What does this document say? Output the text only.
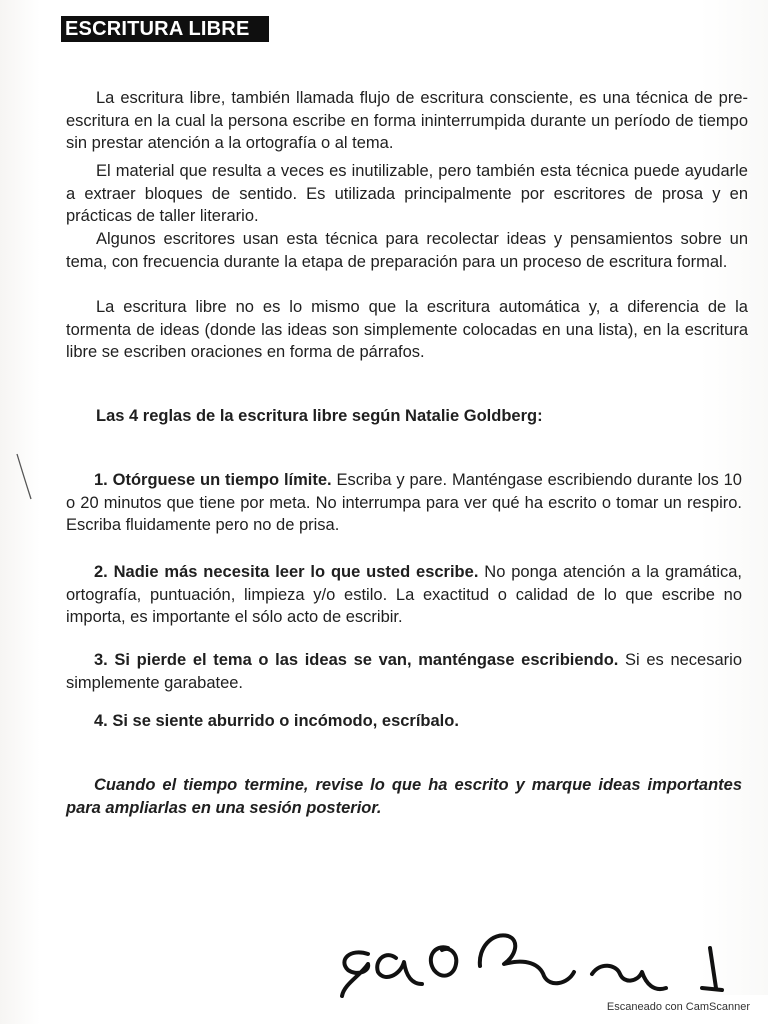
ESCRITURA LIBRE
La escritura libre, también llamada flujo de escritura consciente, es una técnica de pre-escritura en la cual la persona escribe en forma ininterrumpida durante un período de tiempo sin prestar atención a la ortografía o al tema.
El material que resulta a veces es inutilizable, pero también esta técnica puede ayudarle a extraer bloques de sentido. Es utilizada principalmente por escritores de prosa y en prácticas de taller literario.
Algunos escritores usan esta técnica para recolectar ideas y pensamientos sobre un tema, con frecuencia durante la etapa de preparación para un proceso de escritura formal.
La escritura libre no es lo mismo que la escritura automática y, a diferencia de la tormenta de ideas (donde las ideas son simplemente colocadas en una lista), en la escritura libre se escriben oraciones en forma de párrafos.
Las 4 reglas de la escritura libre según Natalie Goldberg:
1. Otórguese un tiempo límite. Escriba y pare. Manténgase escribiendo durante los 10 o 20 minutos que tiene por meta. No interrumpa para ver qué ha escrito o tomar un respiro. Escriba fluidamente pero no de prisa.
2. Nadie más necesita leer lo que usted escribe. No ponga atención a la gramática, ortografía, puntuación, limpieza y/o estilo. La exactitud o calidad de lo que escribe no importa, es importante el sólo acto de escribir.
3. Si pierde el tema o las ideas se van, manténgase escribiendo. Si es necesario simplemente garabatee.
4. Si se siente aburrido o incómodo, escríbalo.
Cuando el tiempo termine, revise lo que ha escrito y marque ideas importantes para ampliarlas en una sesión posterior.
Escaneado con CamScanner
